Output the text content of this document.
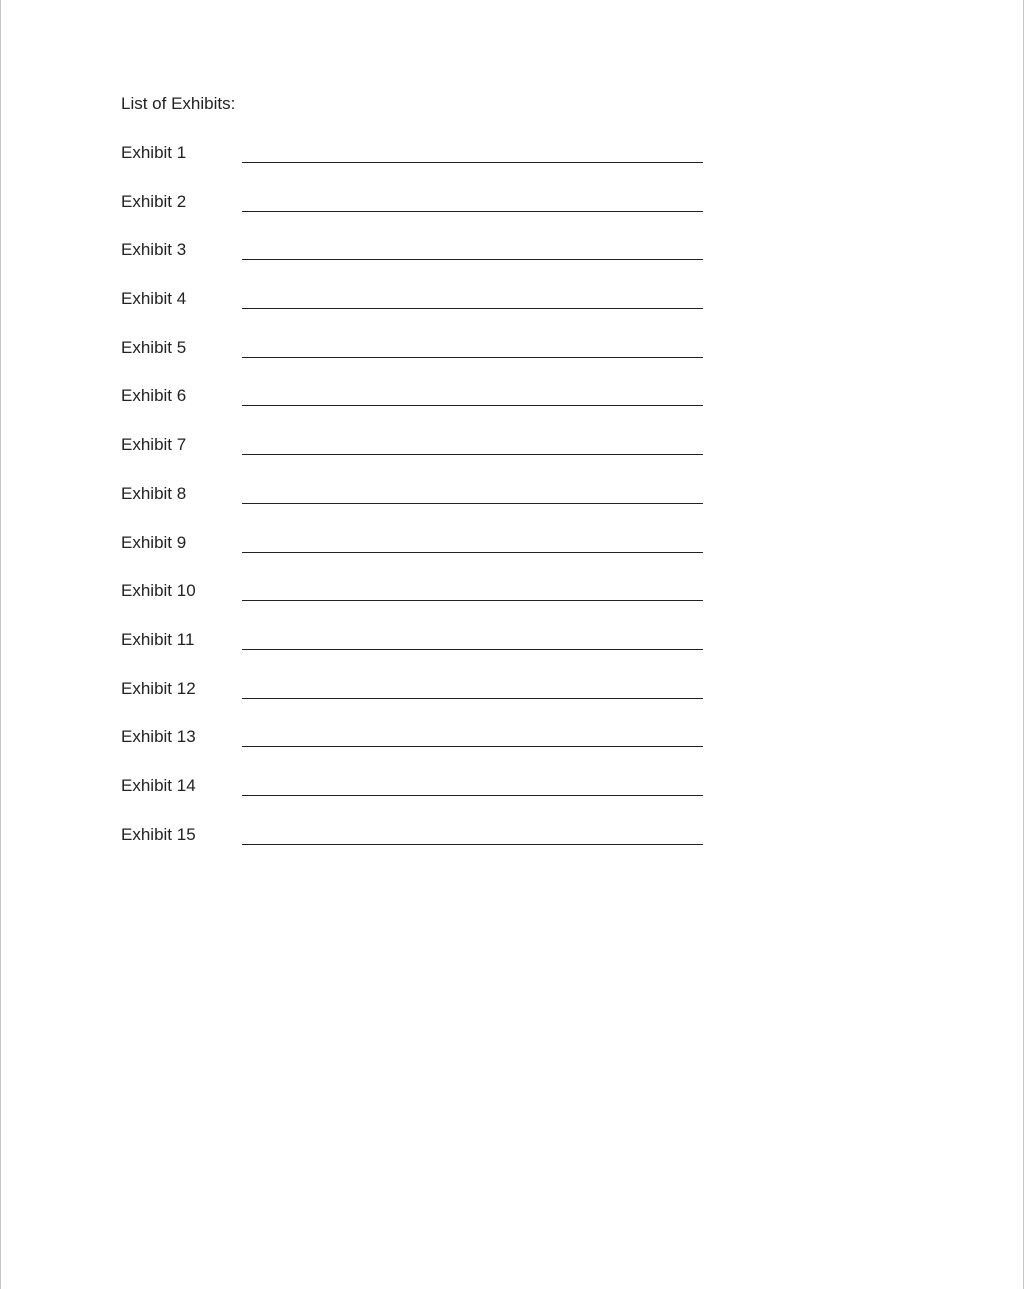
List of Exhibits:
Exhibit 1
Exhibit 2
Exhibit 3
Exhibit 4
Exhibit 5
Exhibit 6
Exhibit 7
Exhibit 8
Exhibit 9
Exhibit 10
Exhibit 11
Exhibit 12
Exhibit 13
Exhibit 14
Exhibit 15
